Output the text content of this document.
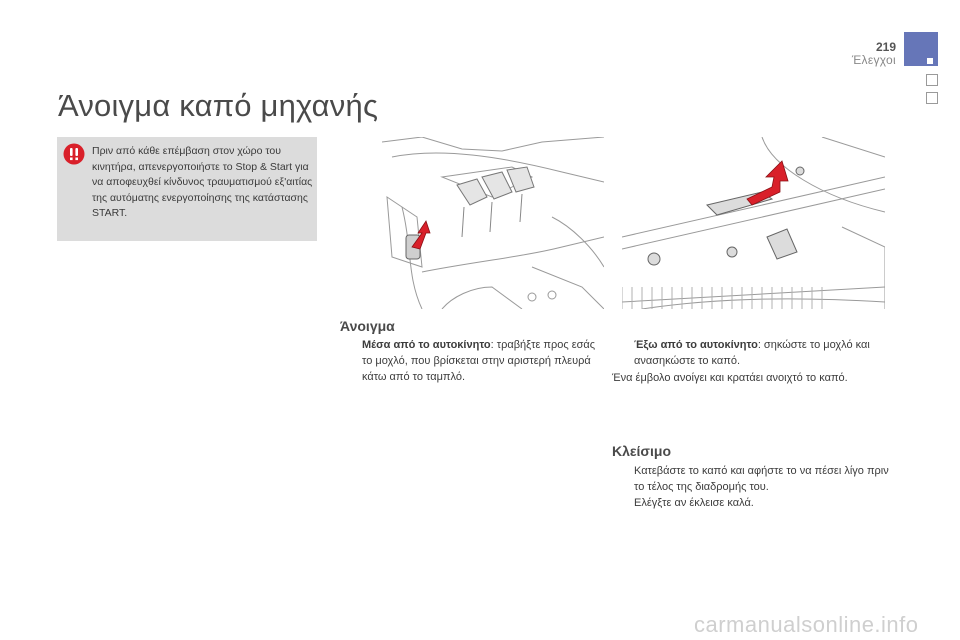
219
Έλεγχοι
Άνοιγμα καπό μηχανής

Πριν από κάθε επέμβαση στον χώρο του κινητήρα, απενεργοποιήστε το Stop & Start για να αποφευχθεί κίνδυνος τραυματισμού εξ'αιτίας της αυτόματης ενεργοποίησης της κατάστασης START.

Άνοιγμα
Μέσα από το αυτοκίνητο: τραβήξτε προς εσάς το μοχλό, που βρίσκεται στην αριστερή πλευρά κάτω από το ταμπλό.
Έξω από το αυτοκίνητο: σηκώστε το μοχλό και ανασηκώστε το καπό.

Ένα έμβολο ανοίγει και κρατάει ανοιχτό το καπό.

Κλείσιμο
Κατεβάστε το καπό και αφήστε το να πέσει λίγο πριν το τέλος της διαδρομής του.
Ελέγξτε αν έκλεισε καλά.
carmanualsonline.info
